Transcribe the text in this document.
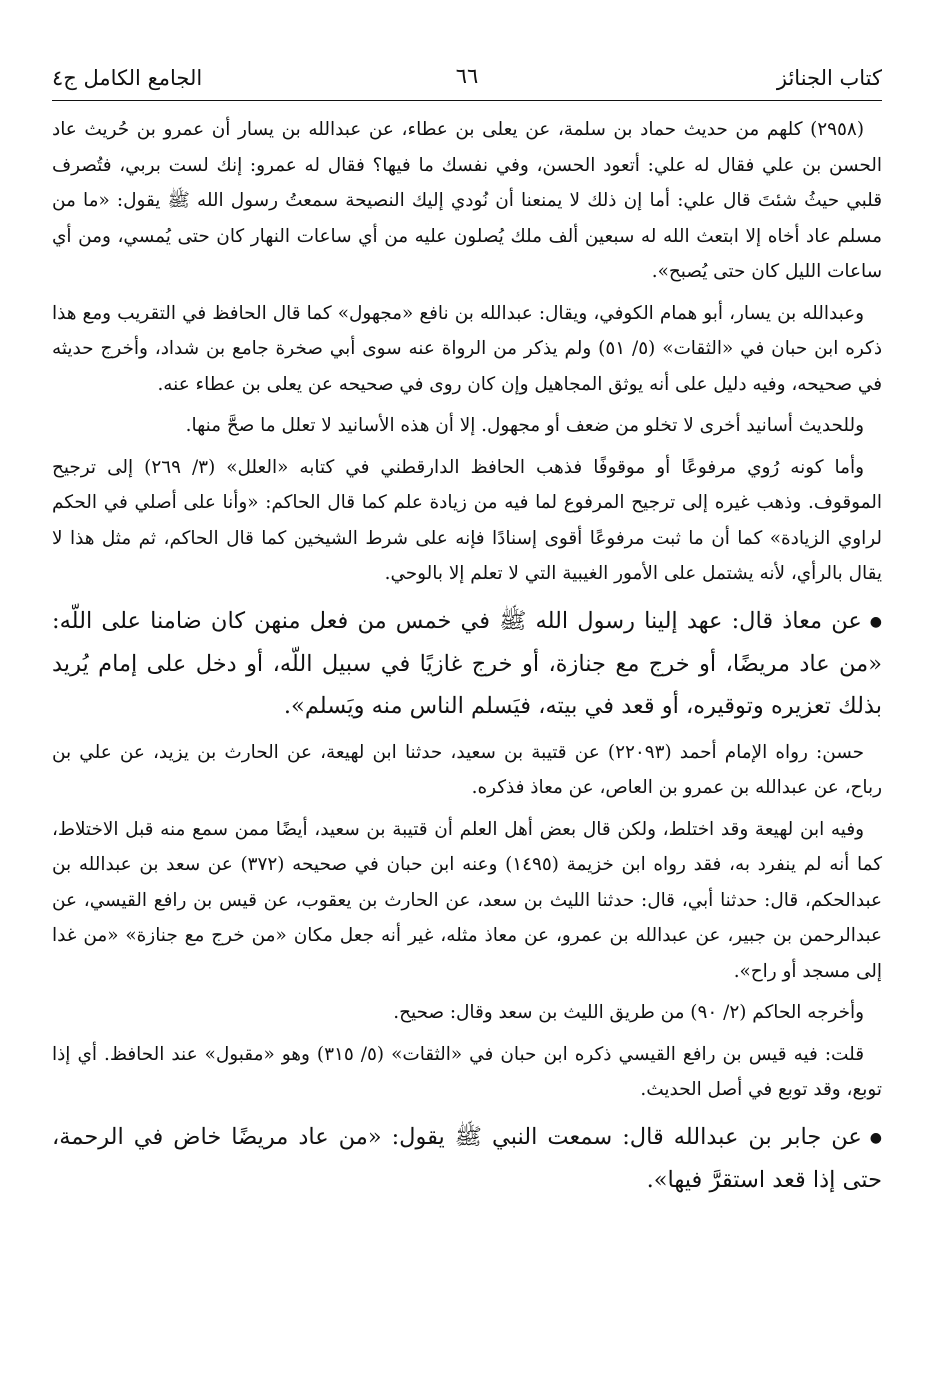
كتاب الجنائز
٦٦
الجامع الكامل ج٤

(٢٩٥٨) كلهم من حديث حماد بن سلمة، عن يعلى بن عطاء، عن عبدالله بن يسار أن عمرو بن حُريث عاد الحسن بن علي فقال له علي: أتعود الحسن، وفي نفسك ما فيها؟ فقال له عمرو: إنك لست بربي، فتُصرف قلبي حيثُ شئتَ قال علي: أما إن ذلك لا يمنعنا أن نُودي إليك النصيحة سمعتُ رسول الله ﷺ يقول: «ما من مسلم عاد أخاه إلا ابتعث الله له سبعين ألف ملك يُصلون عليه من أي ساعات النهار كان حتى يُمسي، ومن أي ساعات الليل كان حتى يُصبح».

وعبدالله بن يسار، أبو همام الكوفي، ويقال: عبدالله بن نافع «مجهول» كما قال الحافظ في التقريب ومع هذا ذكره ابن حبان في «الثقات» (٥/ ٥١) ولم يذكر من الرواة عنه سوى أبي صخرة جامع بن شداد، وأخرج حديثه في صحيحه، وفيه دليل على أنه يوثق المجاهيل وإن كان روى في صحيحه عن يعلى بن عطاء عنه.

وللحديث أسانيد أخرى لا تخلو من ضعف أو مجهول. إلا أن هذه الأسانيد لا تعلل ما صحَّ منها.

وأما كونه رُوي مرفوعًا أو موقوفًا فذهب الحافظ الدارقطني في كتابه «العلل» (٣/ ٢٦٩) إلى ترجيح الموقوف. وذهب غيره إلى ترجيح المرفوع لما فيه من زيادة علم كما قال الحاكم: «وأنا على أصلي في الحكم لراوي الزيادة» كما أن ما ثبت مرفوعًا أقوى إسنادًا فإنه على شرط الشيخين كما قال الحاكم، ثم مثل هذا لا يقال بالرأي، لأنه يشتمل على الأمور الغيبية التي لا تعلم إلا بالوحي.

●عن معاذ قال: عهد إلينا رسول الله ﷺ في خمس من فعل منهن كان ضامنا على اللّه: «من عاد مريضًا، أو خرج مع جنازة، أو خرج غازيًا في سبيل اللّه، أو دخل على إمام يُريد بذلك تعزيره وتوقيره، أو قعد في بيته، فيَسلم الناس منه ويَسلم».

حسن: رواه الإمام أحمد (٢٢٠٩٣) عن قتيبة بن سعيد، حدثنا ابن لهيعة، عن الحارث بن يزيد، عن علي بن رباح، عن عبدالله بن عمرو بن العاص، عن معاذ فذكره.

وفيه ابن لهيعة وقد اختلط، ولكن قال بعض أهل العلم أن قتيبة بن سعيد، أيضًا ممن سمع منه قبل الاختلاط، كما أنه لم ينفرد به، فقد رواه ابن خزيمة (١٤٩٥) وعنه ابن حبان في صحيحه (٣٧٢) عن سعد بن عبدالله بن عبدالحكم، قال: حدثنا أبي، قال: حدثنا الليث بن سعد، عن الحارث بن يعقوب، عن قيس بن رافع القيسي، عن عبدالرحمن بن جبير، عن عبدالله بن عمرو، عن معاذ مثله، غير أنه جعل مكان «من خرج مع جنازة» «من غدا إلى مسجد أو راح».

وأخرجه الحاكم (٢/ ٩٠) من طريق الليث بن سعد وقال: صحيح.

قلت: فيه قيس بن رافع القيسي ذكره ابن حبان في «الثقات» (٥/ ٣١٥) وهو «مقبول» عند الحافظ. أي إذا توبع، وقد توبع في أصل الحديث.

●عن جابر بن عبدالله قال: سمعت النبي ﷺ يقول: «من عاد مريضًا خاض في الرحمة، حتى إذا قعد استقرَّ فيها».
